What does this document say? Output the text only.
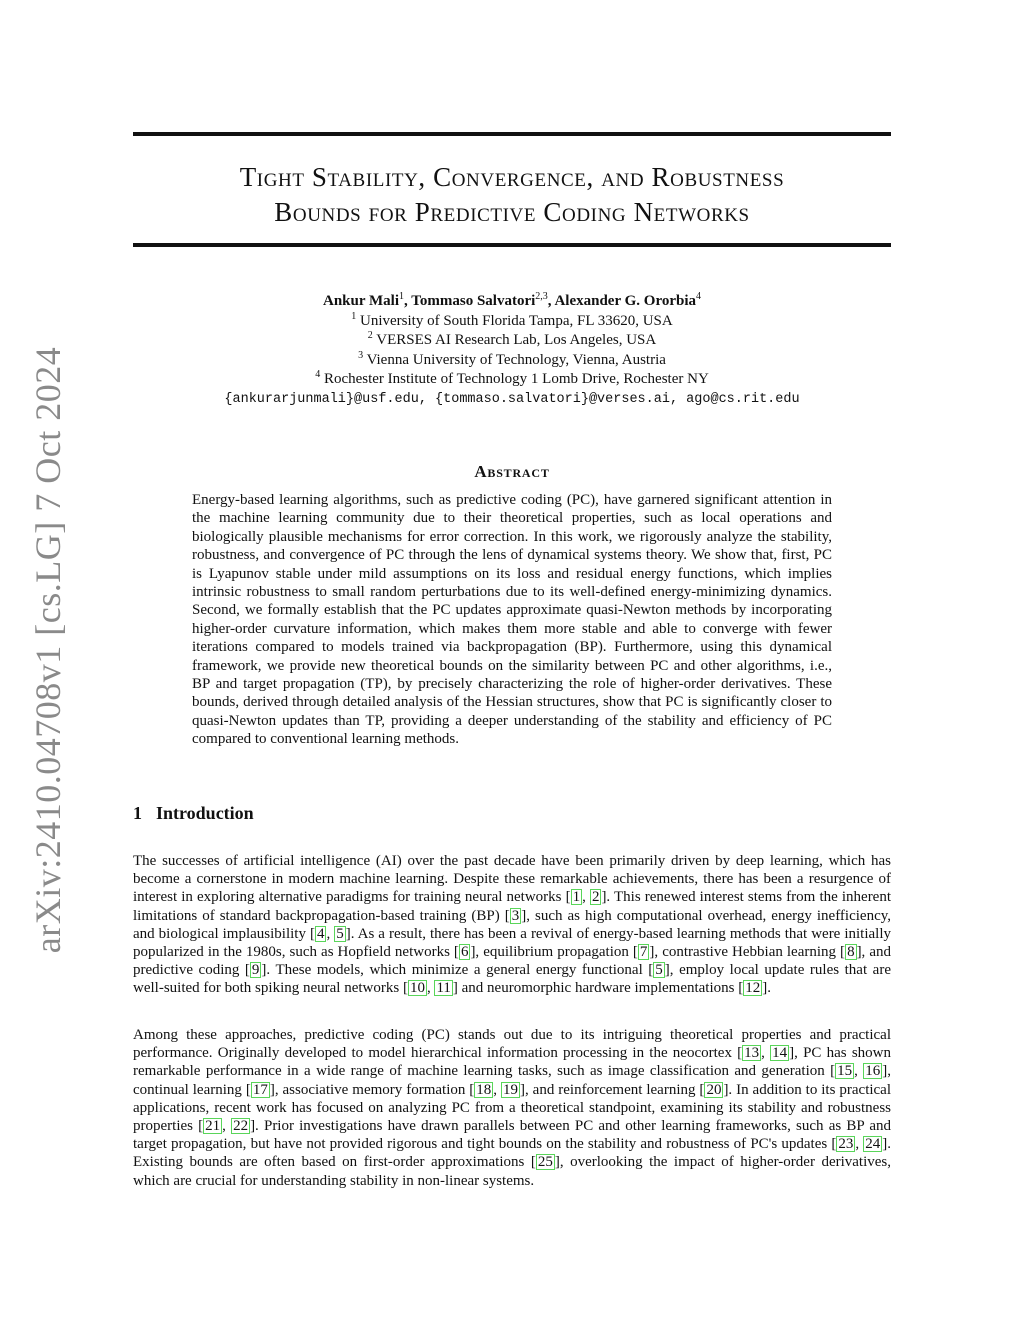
arXiv:2410.04708v1 [cs.LG] 7 Oct 2024
Tight Stability, Convergence, and Robustness
Bounds for Predictive Coding Networks
Ankur Mali$^1$, Tommaso Salvatori$^{2,3}$, Alexander G. Ororbia$^4$
$^1$ University of South Florida Tampa, FL 33620, USA
$^2$ VERSES AI Research Lab, Los Angeles, USA
$^3$ Vienna University of Technology, Vienna, Austria
$^4$ Rochester Institute of Technology 1 Lomb Drive, Rochester NY
{ankurarjunmali}@usf.edu, {tommaso.salvatori}@verses.ai, ago@cs.rit.edu
Abstract
Energy-based learning algorithms, such as predictive coding (PC), have garnered significant attention in the machine learning community due to their theoretical properties, such as local operations and biologically plausible mechanisms for error correction. In this work, we rigorously analyze the stability, robustness, and convergence of PC through the lens of dynamical systems theory. We show that, first, PC is Lyapunov stable under mild assumptions on its loss and residual energy functions, which implies intrinsic robustness to small random perturbations due to its well-defined energy-minimizing dynamics. Second, we formally establish that the PC updates approximate quasi-Newton methods by incorporating higher-order curvature information, which makes them more stable and able to converge with fewer iterations compared to models trained via backpropagation (BP). Furthermore, using this dynamical framework, we provide new theoretical bounds on the similarity between PC and other algorithms, i.e., BP and target propagation (TP), by precisely characterizing the role of higher-order derivatives. These bounds, derived through detailed analysis of the Hessian structures, show that PC is significantly closer to quasi-Newton updates than TP, providing a deeper understanding of the stability and efficiency of PC compared to conventional learning methods.
1 Introduction
The successes of artificial intelligence (AI) over the past decade have been primarily driven by deep learning, which has become a cornerstone in modern machine learning. Despite these remarkable achievements, there has been a resurgence of interest in exploring alternative paradigms for training neural networks [ 1 , 2 ]. This renewed interest stems from the inherent limitations of standard backpropagation-based training (BP) [ 3 ], such as high computational overhead, energy inefficiency, and biological implausibility [ 4 , 5 ]. As a result, there has been a revival of energy-based learning methods that were initially popularized in the 1980s, such as Hopfield networks [ 6 ], equilibrium propagation [ 7 ], contrastive Hebbian learning [ 8 ], and predictive coding [ 9 ]. These models, which minimize a general energy functional [ 5 ], employ local update rules that are well-suited for both spiking neural networks [ 10 , 11 ] and neuromorphic hardware implementations [ 12 ].
Among these approaches, predictive coding (PC) stands out due to its intriguing theoretical properties and practical performance. Originally developed to model hierarchical information processing in the neocortex [ 13 , 14 ], PC has shown remarkable performance in a wide range of machine learning tasks, such as image classification and generation [ 15 , 16 ], continual learning [ 17 ], associative memory formation [ 18 , 19 ], and reinforcement learning [ 20 ]. In addition to its practical applications, recent work has focused on analyzing PC from a theoretical standpoint, examining its stability and robustness properties [ 21 , 22 ]. Prior investigations have drawn parallels between PC and other learning frameworks, such as BP and target propagation, but have not provided rigorous and tight bounds on the stability and robustness of PC's updates [ 23 , 24 ]. Existing bounds are often based on first-order approximations [ 25 ], overlooking the impact of higher-order derivatives, which are crucial for understanding stability in non-linear systems.
